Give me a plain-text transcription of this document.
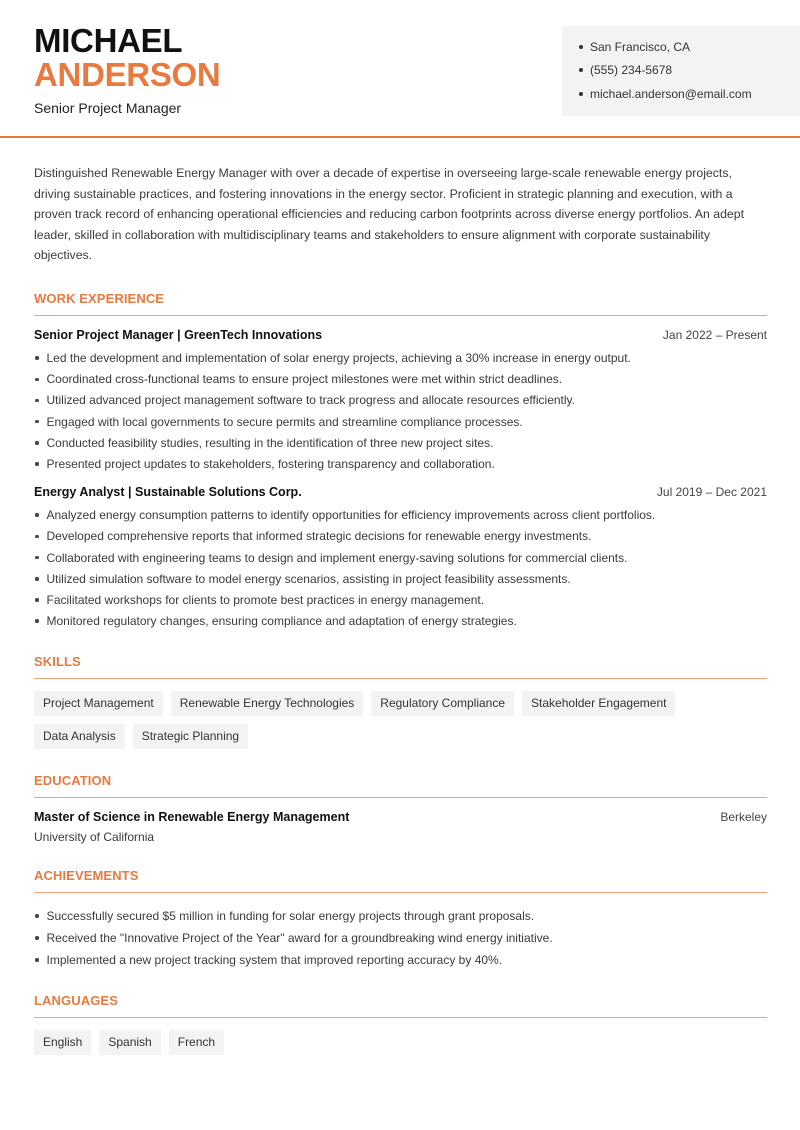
MICHAEL
ANDERSON
Senior Project Manager
San Francisco, CA
(555) 234-5678
michael.anderson@email.com

Distinguished Renewable Energy Manager with over a decade of expertise in overseeing large-scale renewable energy projects, driving sustainable practices, and fostering innovations in the energy sector. Proficient in strategic planning and execution, with a proven track record of enhancing operational efficiencies and reducing carbon footprints across diverse energy portfolios. An adept leader, skilled in collaboration with multidisciplinary teams and stakeholders to ensure alignment with corporate sustainability objectives.

WORK EXPERIENCE
Senior Project Manager | GreenTech Innovations	Jan 2022 – Present
Led the development and implementation of solar energy projects, achieving a 30% increase in energy output.
Coordinated cross-functional teams to ensure project milestones were met within strict deadlines.
Utilized advanced project management software to track progress and allocate resources efficiently.
Engaged with local governments to secure permits and streamline compliance processes.
Conducted feasibility studies, resulting in the identification of three new project sites.
Presented project updates to stakeholders, fostering transparency and collaboration.
Energy Analyst | Sustainable Solutions Corp.	Jul 2019 – Dec 2021
Analyzed energy consumption patterns to identify opportunities for efficiency improvements across client portfolios.
Developed comprehensive reports that informed strategic decisions for renewable energy investments.
Collaborated with engineering teams to design and implement energy-saving solutions for commercial clients.
Utilized simulation software to model energy scenarios, assisting in project feasibility assessments.
Facilitated workshops for clients to promote best practices in energy management.
Monitored regulatory changes, ensuring compliance and adaptation of energy strategies.
SKILLS
Project Management	Renewable Energy Technologies	Regulatory Compliance	Stakeholder Engagement
Data Analysis	Strategic Planning
EDUCATION
Master of Science in Renewable Energy Management	Berkeley
University of California
ACHIEVEMENTS
Successfully secured $5 million in funding for solar energy projects through grant proposals.
Received the "Innovative Project of the Year" award for a groundbreaking wind energy initiative.
Implemented a new project tracking system that improved reporting accuracy by 40%.
LANGUAGES
English	Spanish	French
